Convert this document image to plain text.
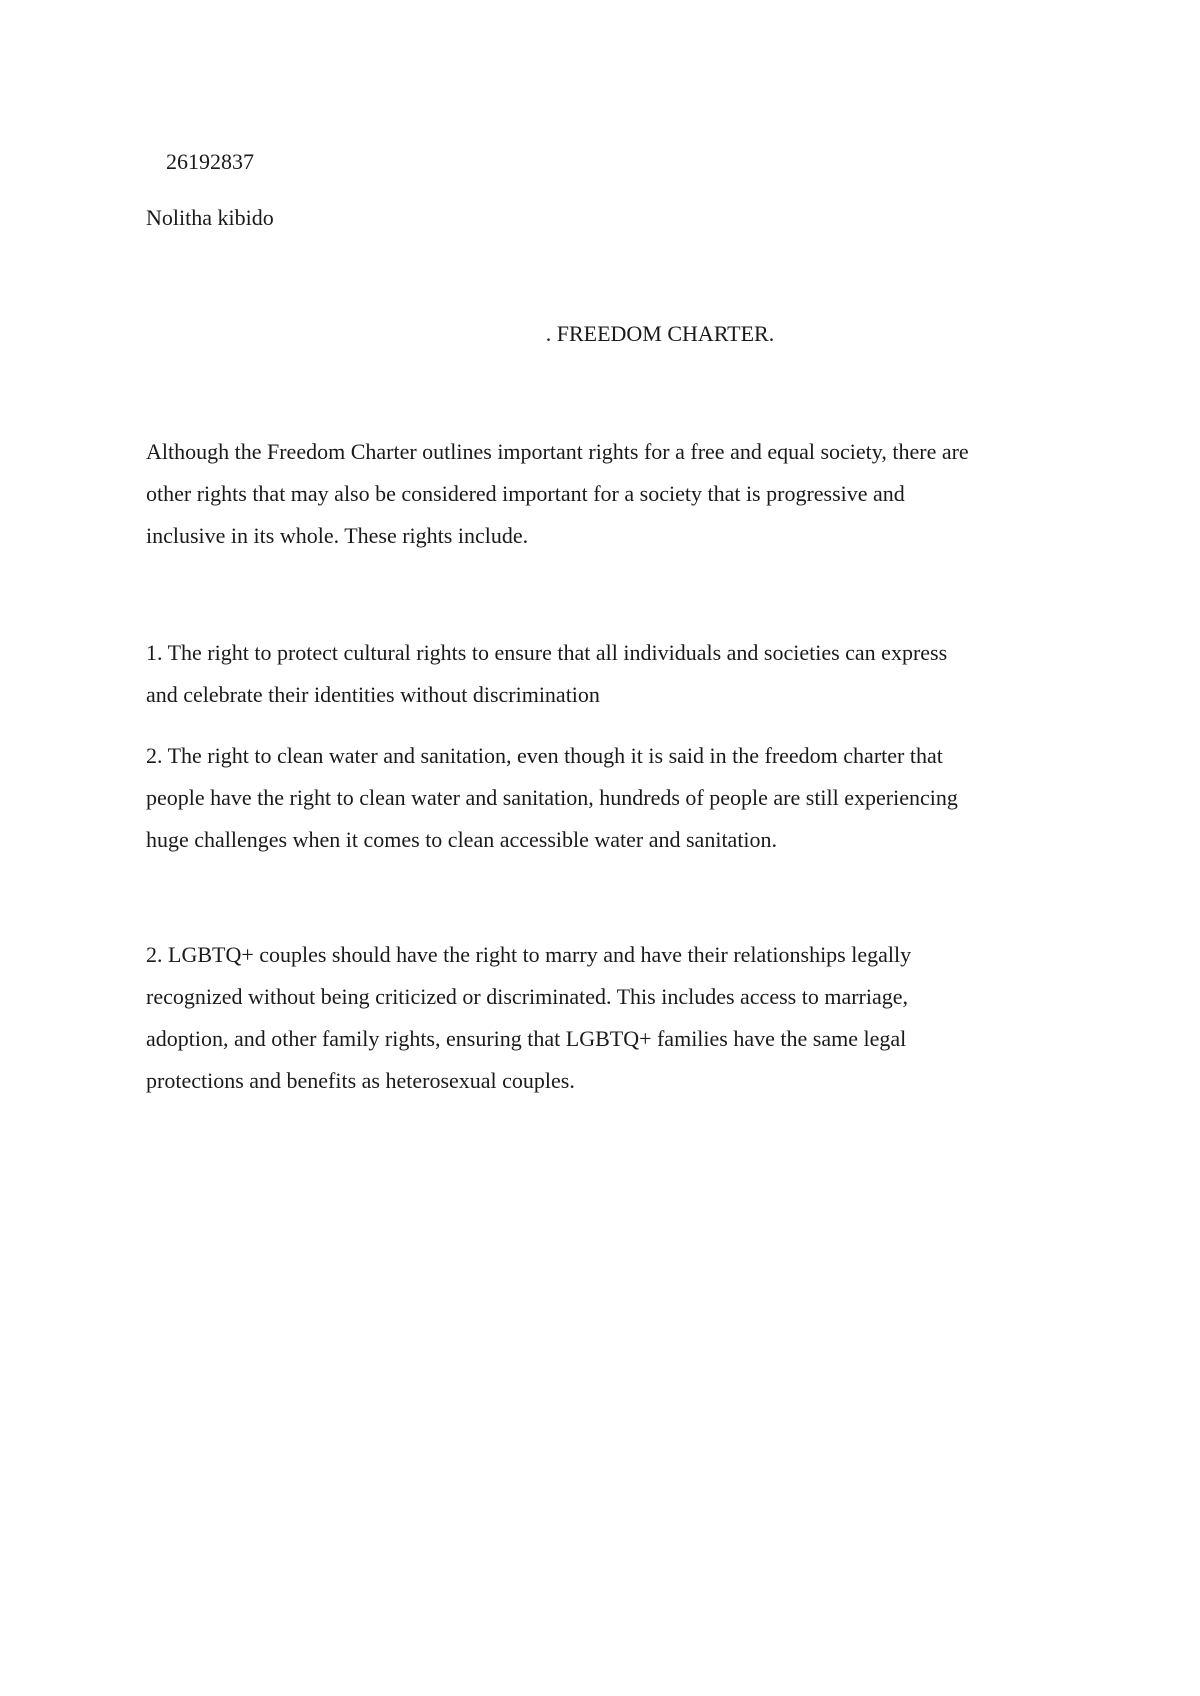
26192837
Nolitha kibido
. FREEDOM CHARTER.

Although the Freedom Charter outlines important rights for a free and equal society, there are
other rights that may also be considered important for a society that is progressive and
inclusive in its whole. These rights include.

1. The right to protect cultural rights to ensure that all individuals and societies can express
and celebrate their identities without discrimination

2. The right to clean water and sanitation, even though it is said in the freedom charter that
people have the right to clean water and sanitation, hundreds of people are still experiencing
huge challenges when it comes to clean accessible water and sanitation.

2. LGBTQ+ couples should have the right to marry and have their relationships legally
recognized without being criticized or discriminated. This includes access to marriage,
adoption, and other family rights, ensuring that LGBTQ+ families have the same legal
protections and benefits as heterosexual couples.
